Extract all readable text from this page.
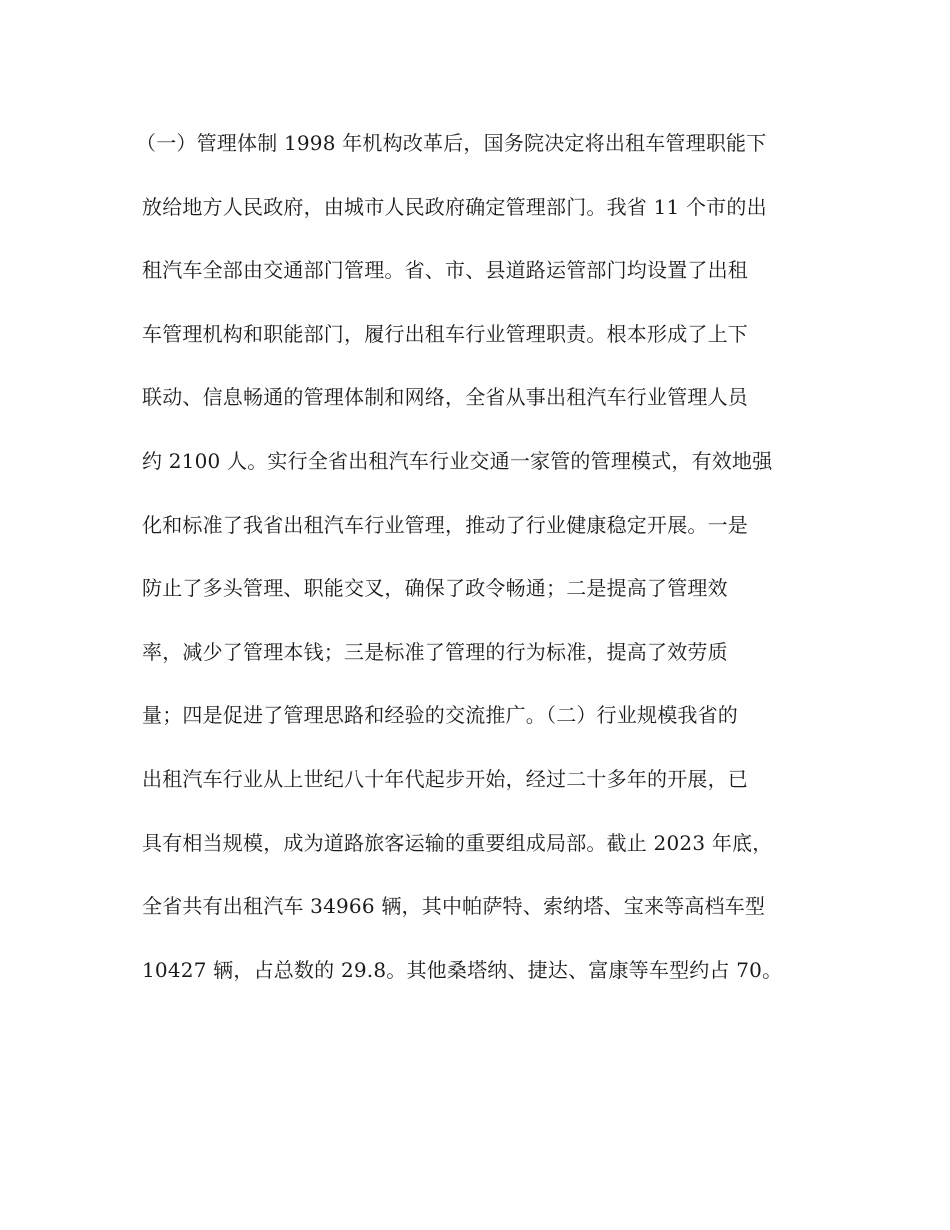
（一）管理体制 1998 年机构改革后，国务院决定将出租车管理职能下
放给地方人民政府，由城市人民政府确定管理部门。我省 11 个市的出
租汽车全部由交通部门管理。省、市、县道路运管部门均设置了出租
车管理机构和职能部门，履行出租车行业管理职责。根本形成了上下
联动、信息畅通的管理体制和网络，全省从事出租汽车行业管理人员
约 2100 人。实行全省出租汽车行业交通一家管的管理模式，有效地强
化和标准了我省出租汽车行业管理，推动了行业健康稳定开展。一是
防止了多头管理、职能交叉，确保了政令畅通；二是提高了管理效
率，减少了管理本钱；三是标准了管理的行为标准，提高了效劳质
量；四是促进了管理思路和经验的交流推广。（二）行业规模我省的
出租汽车行业从上世纪八十年代起步开始，经过二十多年的开展，已
具有相当规模，成为道路旅客运输的重要组成局部。截止 2023 年底，
全省共有出租汽车 34966 辆，其中帕萨特、索纳塔、宝来等高档车型
10427 辆，占总数的 29.8。其他桑塔纳、捷达、富康等车型约占 70。
